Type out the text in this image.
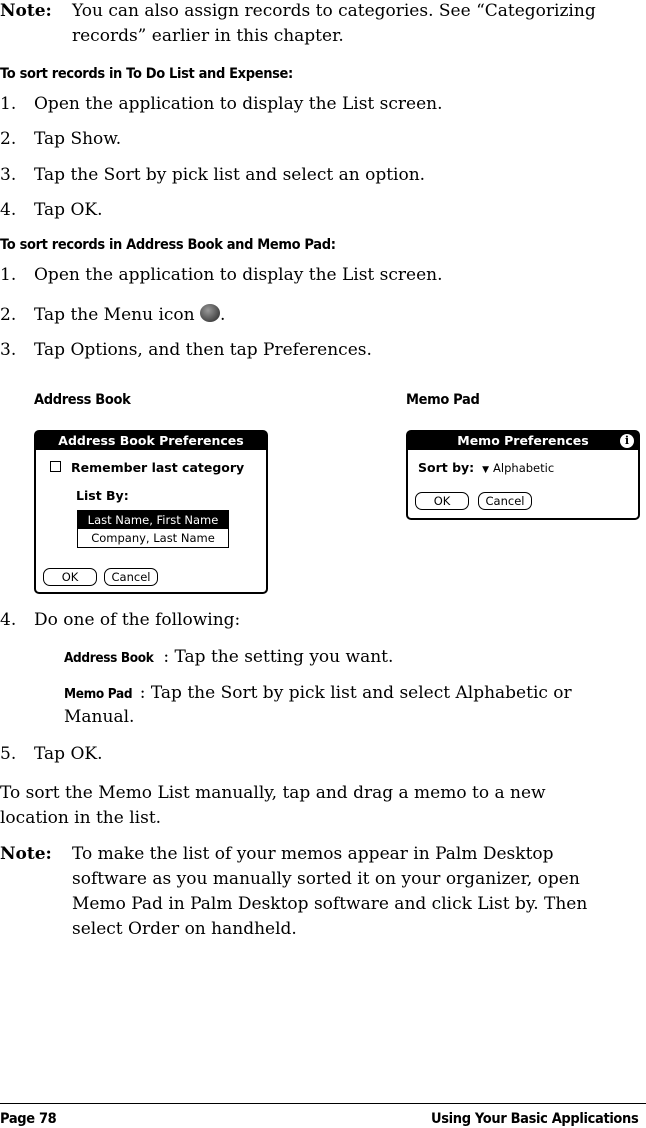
Note: You can also assign records to categories. See “Categorizing
records” earlier in this chapter.
To sort records in To Do List and Expense:
1. Open the application to display the List screen.
2. Tap Show.
3. Tap the Sort by pick list and select an option.
4. Tap OK.
To sort records in Address Book and Memo Pad:
1. Open the application to display the List screen.
2. Tap the Menu icon .
3. Tap Options, and then tap Preferences.
Address Book	Memo Pad
Address Book Preferences
Remember last category
List By:
Last Name, First Name
Company, Last Name
OK	Cancel
Memo Preferences	i
Sort by: ▼ Alphabetic
OK	Cancel
4. Do one of the following:
Address Book : Tap the setting you want.
Memo Pad : Tap the Sort by pick list and select Alphabetic or
Manual.
5. Tap OK.
To sort the Memo List manually, tap and drag a memo to a new
location in the list.
Note: To make the list of your memos appear in Palm Desktop
software as you manually sorted it on your organizer, open
Memo Pad in Palm Desktop software and click List by. Then
select Order on handheld.
Page 78	Using Your Basic Applications
